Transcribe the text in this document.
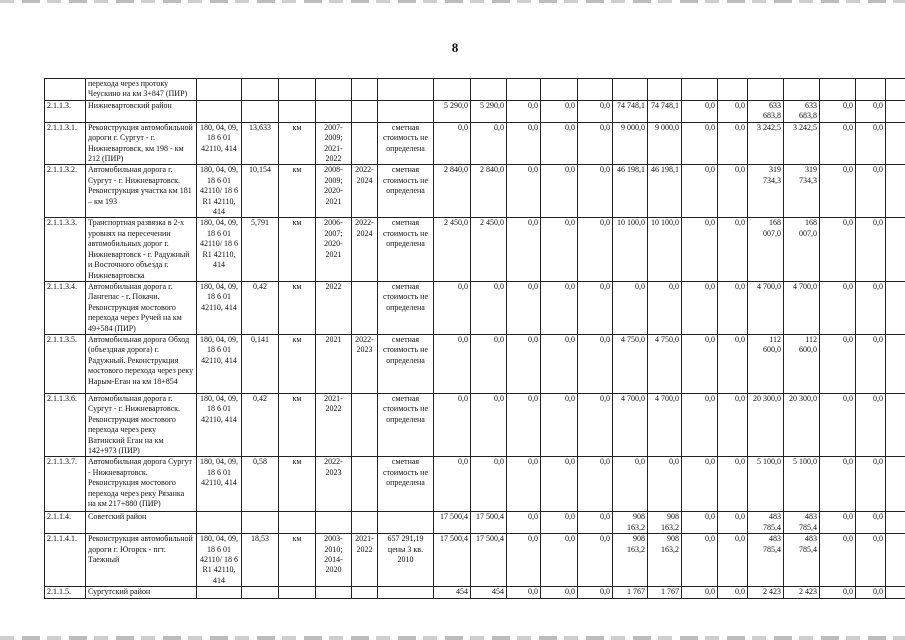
8
	перехода через протоку Чеускино на км 3+847 (ПИР)																				
2.1.1.3.	Нижневартовский район							5 290,0	5 290,0	0,0	0,0	0,0	74 748,1	74 748,1	0,0	0,0	633 683,8	633 683,8	0,0	0,0	
2.1.1.3.1.	Реконструкция автомобильной дороги г. Сургут - г. Нижневартовск, км 198 - км 212 (ПИР)	180, 04, 09, 18 6 01 42110, 414	13,633	км	2007-2009; 2021-2022		сметная стоимость не определена	0,0	0,0	0,0	0,0	0,0	9 000,0	9 000,0	0,0	0,0	3 242,5	3 242,5	0,0	0,0	
2.1.1.3.2.	Автомобильная дорога г. Сургут - г. Нижневартовск. Реконструкция участка км 181 – км 193	180, 04, 09, 18 6 01 42110/ 18 6 R1 42110, 414	10,154	км	2008-2009; 2020-2021	2022-2024	сметная стоимость не определена	2 840,0	2 840,0	0,0	0,0	0,0	46 198,1	46 198,1	0,0	0,0	319 734,3	319 734,3	0,0	0,0	
2.1.1.3.3.	Транспортная развязка в 2-х уровнях на пересечении автомобильных дорог г. Нижневартовск - г. Радужный и Восточного объезда г. Нижневартовска	180, 04, 09, 18 6 01 42110/ 18 6 R1 42110, 414	5,791	км	2006-2007; 2020-2021	2022-2024	сметная стоимость не определена	2 450,0	2 450,0	0,0	0,0	0,0	10 100,0	10 100,0	0,0	0,0	168 007,0	168 007,0	0,0	0,0	
2.1.1.3.4.	Автомобильная дорога г. Лангепас - г. Покачи. Реконструкция мостового перехода через Ручей на км 49+584 (ПИР)	180, 04, 09, 18 6 01 42110, 414	0,42	км	2022		сметная стоимость не определена	0,0	0,0	0,0	0,0	0,0	0,0	0,0	0,0	0,0	4 700,0	4 700,0	0,0	0,0	
2.1.1.3.5.	Автомобильная дорога Обход (объездная дорога) г. Радужный. Реконструкция мостового перехода через реку Нарым-Еган на км 18+854	180, 04, 09, 18 6 01 42110, 414	0,141	км	2021	2022-2023	сметная стоимость не определена	0,0	0,0	0,0	0,0	0,0	4 750,0	4 750,0	0,0	0,0	112 600,0	112 600,0	0,0	0,0	
2.1.1.3.6.	Автомобильная дорога г. Сургут - г. Нижневартовск. Реконструкция мостового перехода через реку Ватинский Еган на км 142+973 (ПИР)	180, 04, 09, 18 6 01 42110, 414	0,42	км	2021-2022		сметная стоимость не определена	0,0	0,0	0,0	0,0	0,0	4 700,0	4 700,0	0,0	0,0	20 300,0	20 300,0	0,0	0,0	
2.1.1.3.7.	Автомобильная дорога Сургут - Нижневартовск. Реконструкция мостового перехода через реку Рязанка на км 217+880 (ПИР)	180, 04, 09, 18 6 01 42110, 414	0,58	км	2022-2023		сметная стоимость не определена	0,0	0,0	0,0	0,0	0,0	0,0	0,0	0,0	0,0	5 100,0	5 100,0	0,0	0,0	
2.1.1.4.	Советский район							17 500,4	17 500,4	0,0	0,0	0,0	908 163,2	908 163,2	0,0	0,0	483 785,4	483 785,4	0,0	0,0	
2.1.1.4.1.	Реконструкция автомобильной дороги г. Югорск - пгт. Таежный	180, 04, 09, 18 6 01 42110/ 18 6 R1 42110, 414	18,53	км	2003-2010; 2014-2020	2021-2022	657 291,19 цены 3 кв. 2010	17 500,4	17 500,4	0,0	0,0	0,0	908 163,2	908 163,2	0,0	0,0	483 785,4	483 785,4	0,0	0,0	
2.1.1.5.	Сургутский район							454	454	0,0	0,0	0,0	1 767	1 767	0,0	0,0	2 423	2 423	0,0	0,0	
